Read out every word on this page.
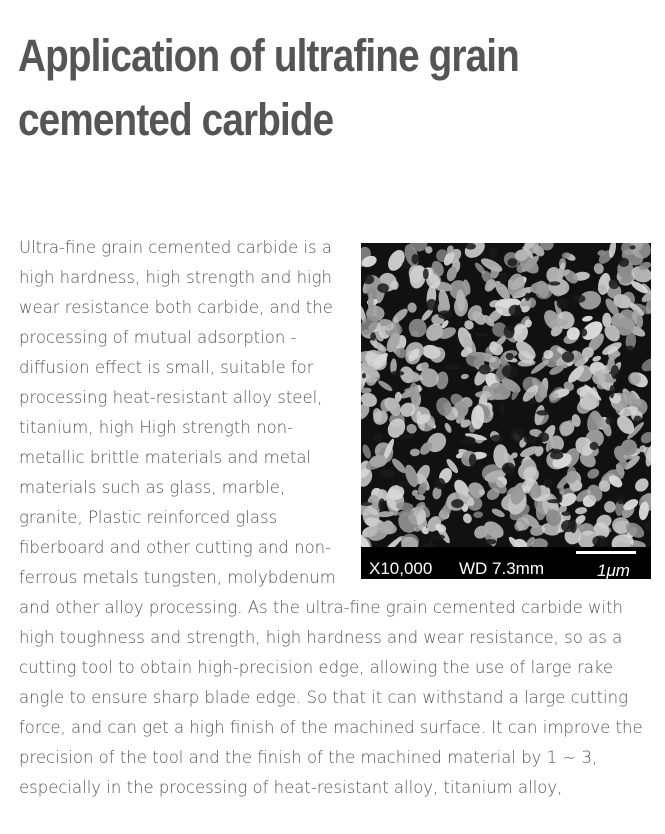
Application of ultrafine grain
cemented carbide
X10,000 WD 7.3mm	1μm

Ultra-fine grain cemented carbide is a high hardness, high strength and high wear resistance both carbide, and the processing of mutual adsorption - diffusion effect is small, suitable for processing heat-resistant alloy steel, titanium, high High strength non-metallic brittle materials and metal materials such as glass, marble, granite, Plastic reinforced glass fiberboard and other cutting and non-ferrous metals tungsten, molybdenum and other alloy processing. As the ultra-fine grain cemented carbide with high toughness and strength, high hardness and wear resistance, so as a cutting tool to obtain high-precision edge, allowing the use of large rake angle to ensure sharp blade edge. So that it can withstand a large cutting force, and can get a high finish of the machined surface. It can improve the precision of the tool and the finish of the machined material by 1 ~ 3, especially in the processing of heat-resistant alloy, titanium alloy,
